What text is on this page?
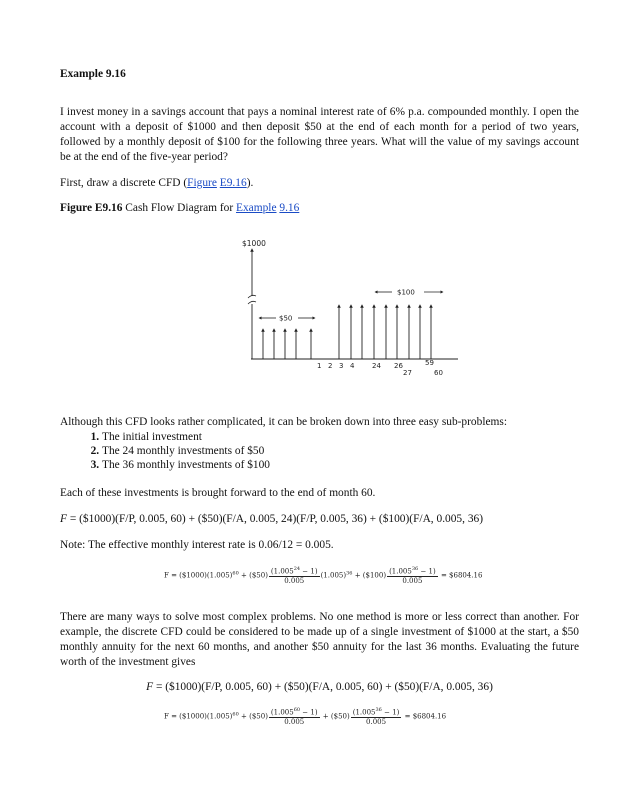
Example 9.16
I invest money in a savings account that pays a nominal interest rate of 6% p.a. compounded monthly. I open the account with a deposit of $1000 and then deposit $50 at the end of each month for a period of two years, followed by a monthly deposit of $100 for the following three years. What will the value of my savings account be at the end of the five-year period?
First, draw a discrete CFD (Figure E9.16).
Figure E9.16 Cash Flow Diagram for Example 9.16
$1000
$50
$100
1 2 3 4	24 26
27
59
60
Although this CFD looks rather complicated, it can be broken down into three easy sub-problems:
1. The initial investment
2. The 24 monthly investments of $50
3. The 36 monthly investments of $100
Each of these investments is brought forward to the end of month 60.
F = ($1000)(F/P, 0.005, 60) + ($50)(F/A, 0.005, 24)(F/P, 0.005, 36) + ($100)(F/A, 0.005, 36)
Note: The effective monthly interest rate is 0.06/12 = 0.005.
$F = (\$1000)(1.005)^{60}$ + ($50) $\frac{(1.005^{24} - 1)}{0.005} (1.005)^{36}$ + ($100) $\frac{(1.005^{36} - 1)}{0.005}$ = $6804.16
There are many ways to solve most complex problems. No one method is more or less correct than another. For example, the discrete CFD could be considered to be made up of a single investment of $1000 at the start, a $50 monthly annuity for the next 60 months, and another $50 annuity for the last 36 months. Evaluating the future worth of the investment gives
F = ($1000)(F/P, 0.005, 60) + ($50)(F/A, 0.005, 60) + ($50)(F/A, 0.005, 36)
$F = (\$1000)(1.005)^{60}$ + ($50) $\frac{(1.005^{60} - 1)}{0.005}$ + ($50) $\frac{(1.005^{36} - 1)}{0.005}$ = $6804.16
